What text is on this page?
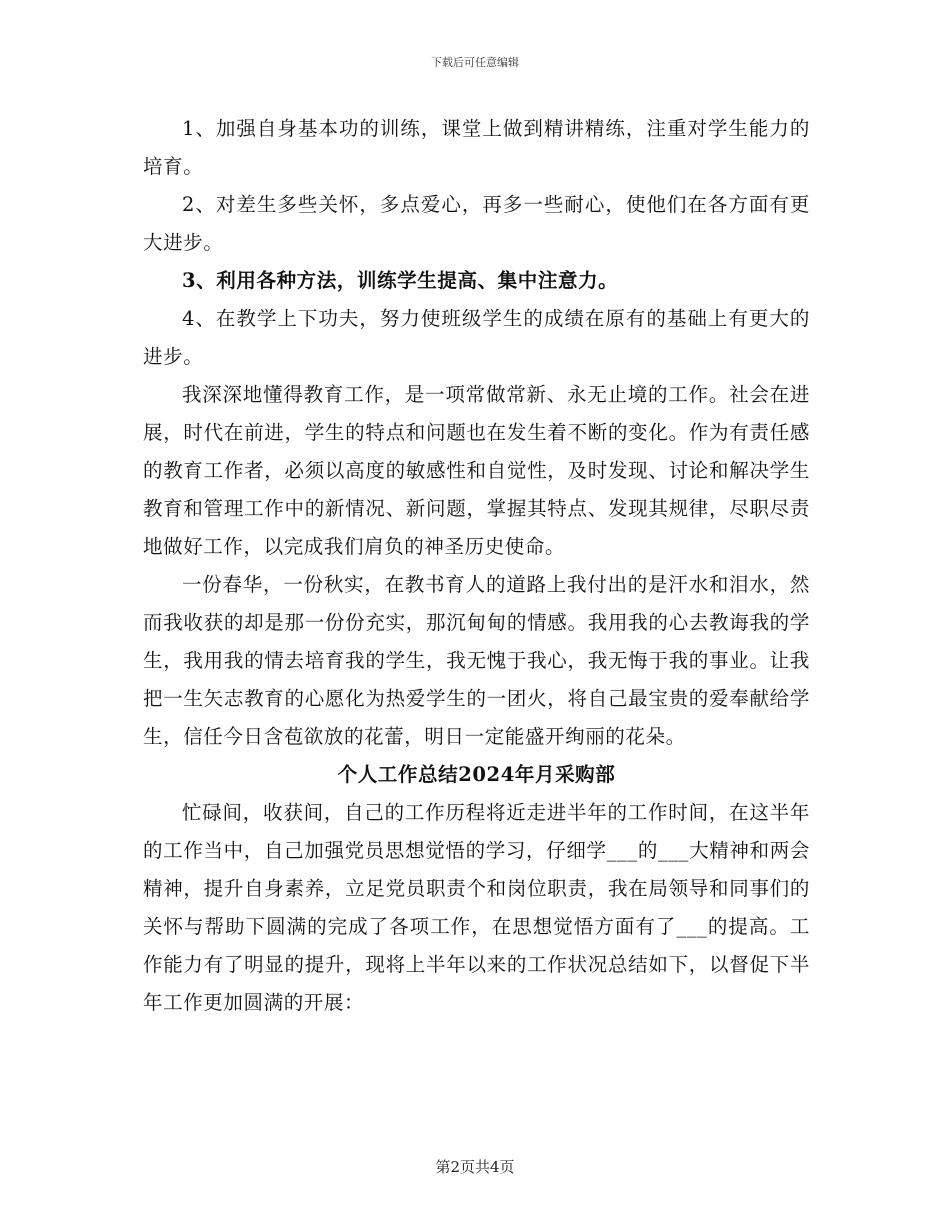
下载后可任意编辑

1、加强自身基本功的训练，课堂上做到精讲精练，注重对学生能力的培育。

2、对差生多些关怀，多点爱心，再多一些耐心，使他们在各方面有更大进步。

3、利用各种方法，训练学生提高、集中注意力。

4、在教学上下功夫，努力使班级学生的成绩在原有的基础上有更大的进步。

我深深地懂得教育工作，是一项常做常新、永无止境的工作。社会在进展，时代在前进，学生的特点和问题也在发生着不断的变化。作为有责任感的教育工作者，必须以高度的敏感性和自觉性，及时发现、讨论和解决学生教育和管理工作中的新情况、新问题，掌握其特点、发现其规律，尽职尽责地做好工作，以完成我们肩负的神圣历史使命。

一份春华，一份秋实，在教书育人的道路上我付出的是汗水和泪水，然而我收获的却是那一份份充实，那沉甸甸的情感。我用我的心去教诲我的学生，我用我的情去培育我的学生，我无愧于我心，我无悔于我的事业。让我把一生矢志教育的心愿化为热爱学生的一团火，将自己最宝贵的爱奉献给学生，信任今日含苞欲放的花蕾，明日一定能盛开绚丽的花朵。

个人工作总结2024年月采购部

忙碌间，收获间，自己的工作历程将近走进半年的工作时间，在这半年的工作当中，自己加强党员思想觉悟的学习，仔细学___的___大精神和两会精神，提升自身素养，立足党员职责个和岗位职责，我在局领导和同事们的关怀与帮助下圆满的完成了各项工作，在思想觉悟方面有了___的提高。工作能力有了明显的提升，现将上半年以来的工作状况总结如下，以督促下半年工作更加圆满的开展：

第2页共4页
